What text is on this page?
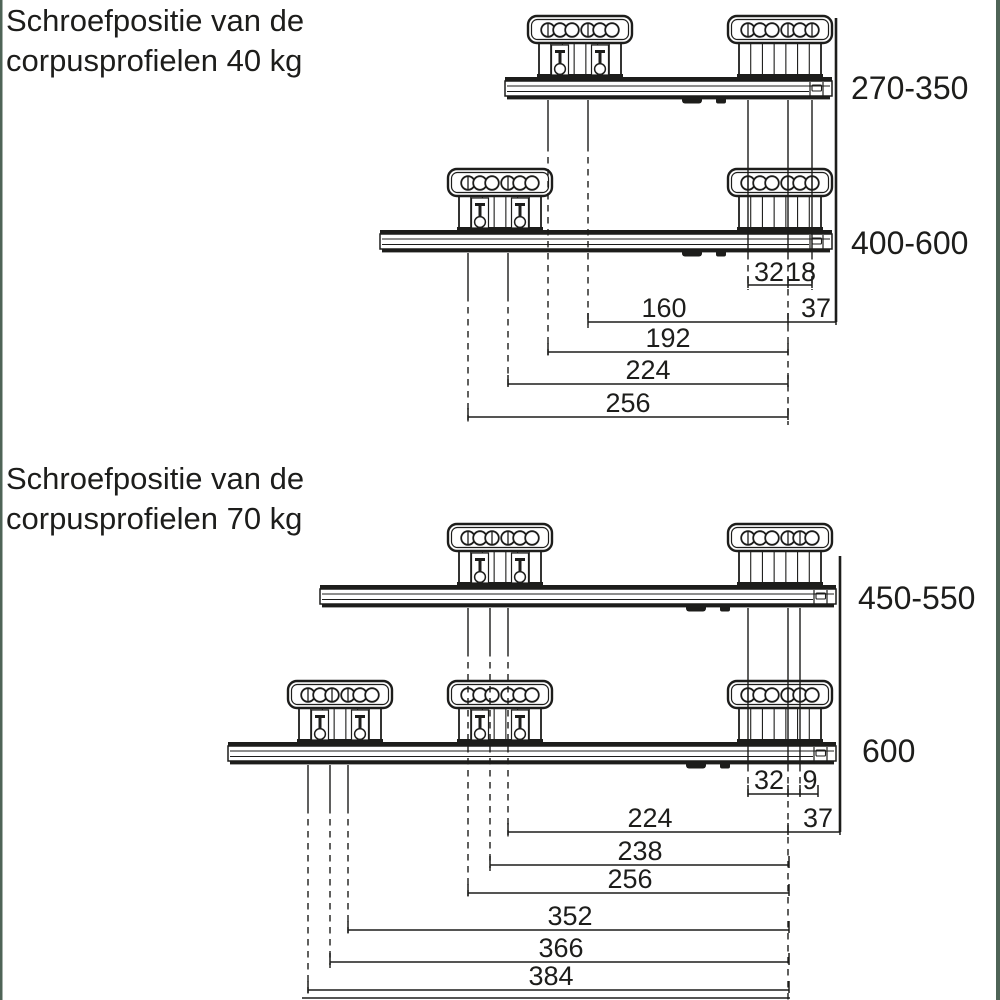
Schroefpositie van de
corpusprofielen 40 kg
270-350
400-600
32 18
160	37
192
224
256
Schroefpositie van de
corpusprofielen 70 kg
450-550
600
32 9
224	37
238
256
352
366
384
